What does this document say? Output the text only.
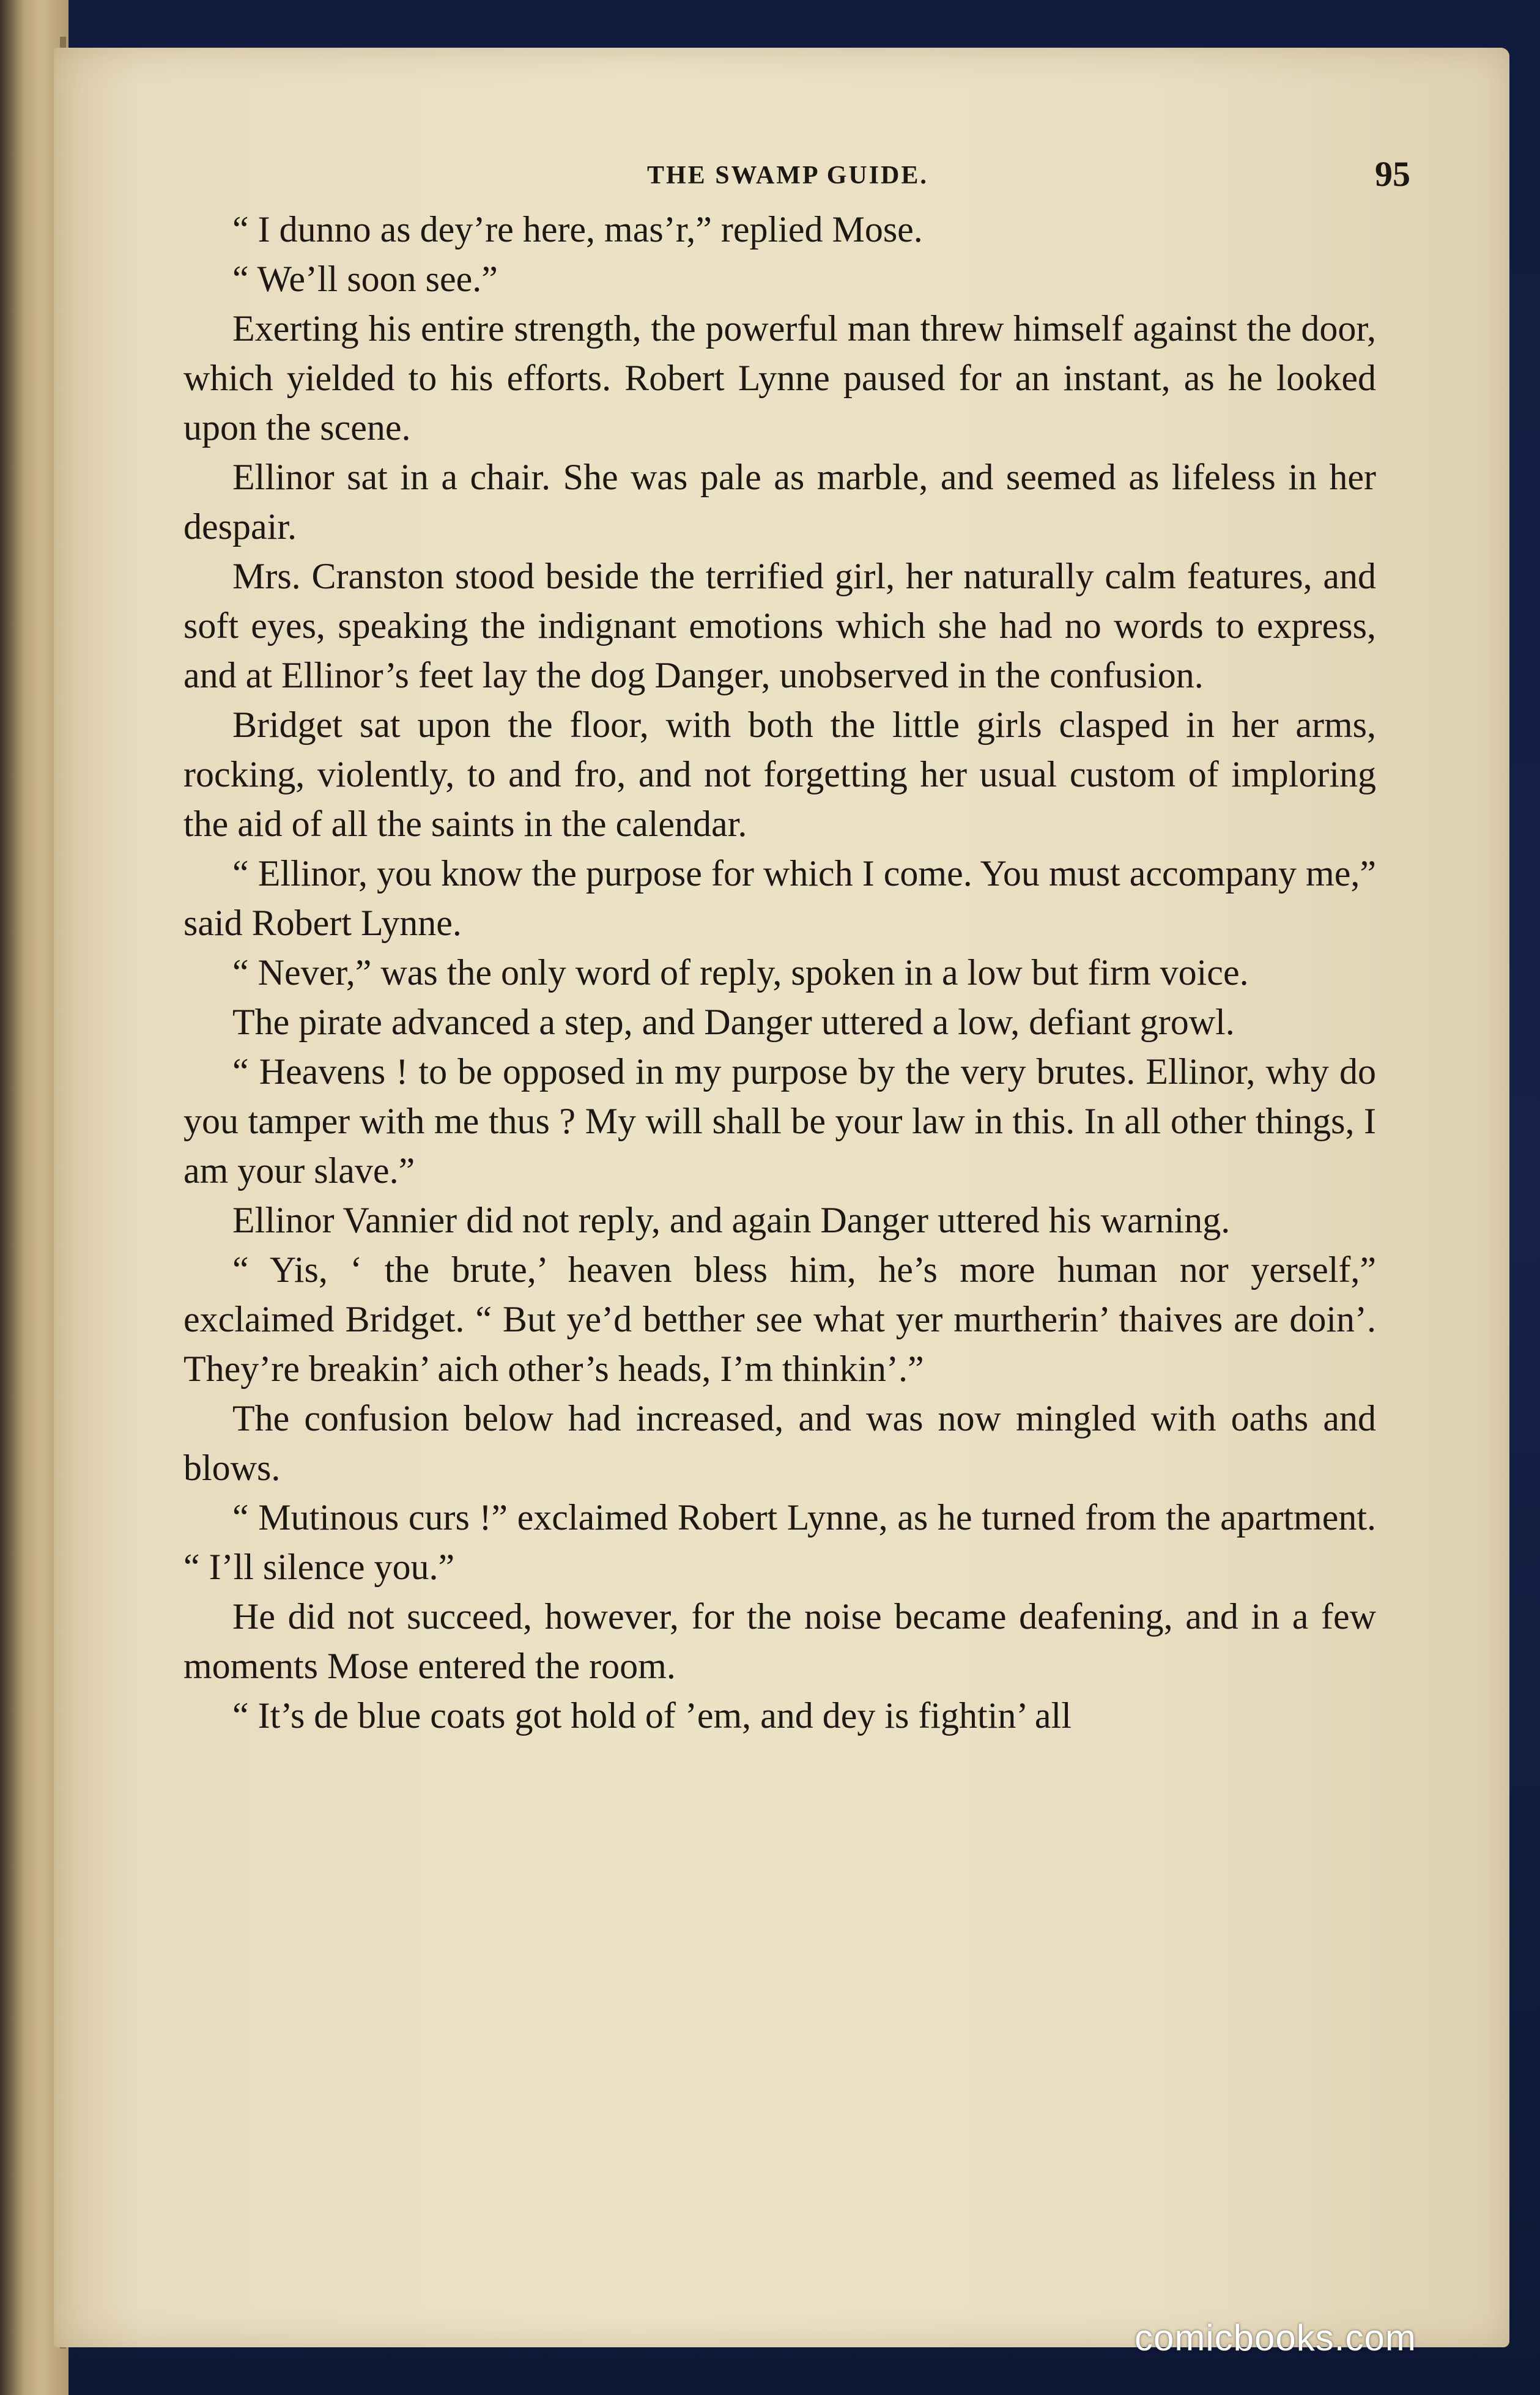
THE SWAMP GUIDE.	95

“ I dunno as dey’re here, mas’r,” replied Mose.

“ We’ll soon see.”

Exerting his entire strength, the powerful man threw himself against the door, which yielded to his efforts. Robert Lynne paused for an instant, as he looked upon the scene.

Ellinor sat in a chair. She was pale as marble, and seemed as lifeless in her despair.

Mrs. Cranston stood beside the terrified girl, her naturally calm features, and soft eyes, speaking the indignant emotions which she had no words to express, and at Ellinor’s feet lay the dog Danger, unobserved in the confusion.

Bridget sat upon the floor, with both the little girls clasped in her arms, rocking, violently, to and fro, and not forgetting her usual custom of imploring the aid of all the saints in the calendar.

“ Ellinor, you know the purpose for which I come. You must accompany me,” said Robert Lynne.

“ Never,” was the only word of reply, spoken in a low but firm voice.

The pirate advanced a step, and Danger uttered a low, defiant growl.

“ Heavens ! to be opposed in my purpose by the very brutes. Ellinor, why do you tamper with me thus ? My will shall be your law in this. In all other things, I am your slave.”

Ellinor Vannier did not reply, and again Danger uttered his warning.

“ Yis, ‘ the brute,’ heaven bless him, he’s more human nor yerself,” exclaimed Bridget. “ But ye’d betther see what yer murtherin’ thaives are doin’. They’re breakin’ aich other’s heads, I’m thinkin’.”

The confusion below had increased, and was now mingled with oaths and blows.

“ Mutinous curs !” exclaimed Robert Lynne, as he turned from the apartment. “ I’ll silence you.”

He did not succeed, however, for the noise became deafening, and in a few moments Mose entered the room.

“ It’s de blue coats got hold of ’em, and dey is fightin’ all

comicbooks.com
